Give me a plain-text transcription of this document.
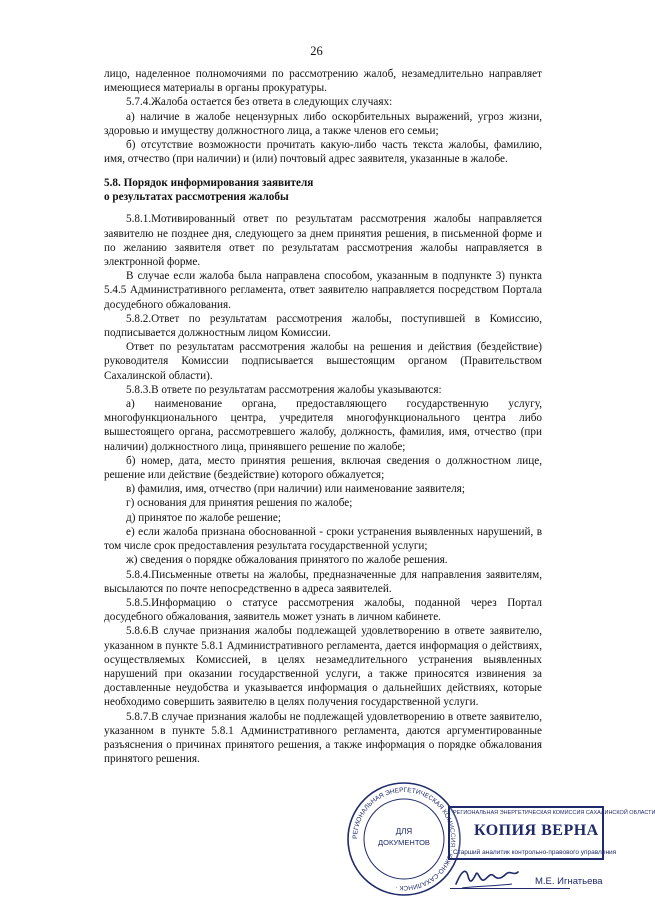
26

лицо, наделенное полномочиями по рассмотрению жалоб, незамедлительно направляет имеющиеся материалы в органы прокуратуры.

5.7.4.Жалоба остается без ответа в следующих случаях:

а) наличие в жалобе нецензурных либо оскорбительных выражений, угроз жизни, здоровью и имуществу должностного лица, а также членов его семьи;

б) отсутствие возможности прочитать какую-либо часть текста жалобы, фамилию, имя, отчество (при наличии) и (или) почтовый адрес заявителя, указанные в жалобе.

5.8. Порядок информирования заявителя
о результатах рассмотрения жалобы

5.8.1.Мотивированный ответ по результатам рассмотрения жалобы направляется заявителю не позднее дня, следующего за днем принятия решения, в письменной форме и по желанию заявителя ответ по результатам рассмотрения жалобы направляется в электронной форме.

В случае если жалоба была направлена способом, указанным в подпункте 3) пункта 5.4.5 Административного регламента, ответ заявителю направляется посредством Портала досудебного обжалования.

5.8.2.Ответ по результатам рассмотрения жалобы, поступившей в Комиссию, подписывается должностным лицом Комиссии.

Ответ по результатам рассмотрения жалобы на решения и действия (бездействие) руководителя Комиссии подписывается вышестоящим органом (Правительством Сахалинской области).

5.8.3.В ответе по результатам рассмотрения жалобы указываются:

а) наименование органа, предоставляющего государственную услугу, многофункционального центра, учредителя многофункционального центра либо вышестоящего органа, рассмотревшего жалобу, должность, фамилия, имя, отчество (при наличии) должностного лица, принявшего решение по жалобе;

б) номер, дата, место принятия решения, включая сведения о должностном лице, решение или действие (бездействие) которого обжалуется;

в) фамилия, имя, отчество (при наличии) или наименование заявителя;

г) основания для принятия решения по жалобе;

д) принятое по жалобе решение;

е) если жалоба признана обоснованной - сроки устранения выявленных нарушений, в том числе срок предоставления результата государственной услуги;

ж) сведения о порядке обжалования принятого по жалобе решения.

5.8.4.Письменные ответы на жалобы, предназначенные для направления заявителям, высылаются по почте непосредственно в адреса заявителей.

5.8.5.Информацию о статусе рассмотрения жалобы, поданной через Портал досудебного обжалования, заявитель может узнать в личном кабинете.

5.8.6.В случае признания жалобы подлежащей удовлетворению в ответе заявителю, указанном в пункте 5.8.1 Административного регламента, дается информация о действиях, осуществляемых Комиссией, в целях незамедлительного устранения выявленных нарушений при оказании государственной услуги, а также приносятся извинения за доставленные неудобства и указывается информация о дальнейших действиях, которые необходимо совершить заявителю в целях получения государственной услуги.

5.8.7.В случае признания жалобы не подлежащей удовлетворению в ответе заявителю, указанном в пункте 5.8.1 Административного регламента, даются аргументированные разъяснения о причинах принятого решения, а также информация о порядке обжалования принятого решения.

РЕГИОНАЛЬНАЯ ЭНЕРГЕТИЧЕСКАЯ КОМИССИЯ · ЮЖНО-САХАЛИНСК ·
ДЛЯ
ДОКУМЕНТОВ
РЕГИОНАЛЬНАЯ ЭНЕРГЕТИЧЕСКАЯ КОМИССИЯ САХАЛИНСКОЙ ОБЛАСТИ
КОПИЯ ВЕРНА
Старший аналитик контрольно-правового управления
М.Е. Игнатьева
